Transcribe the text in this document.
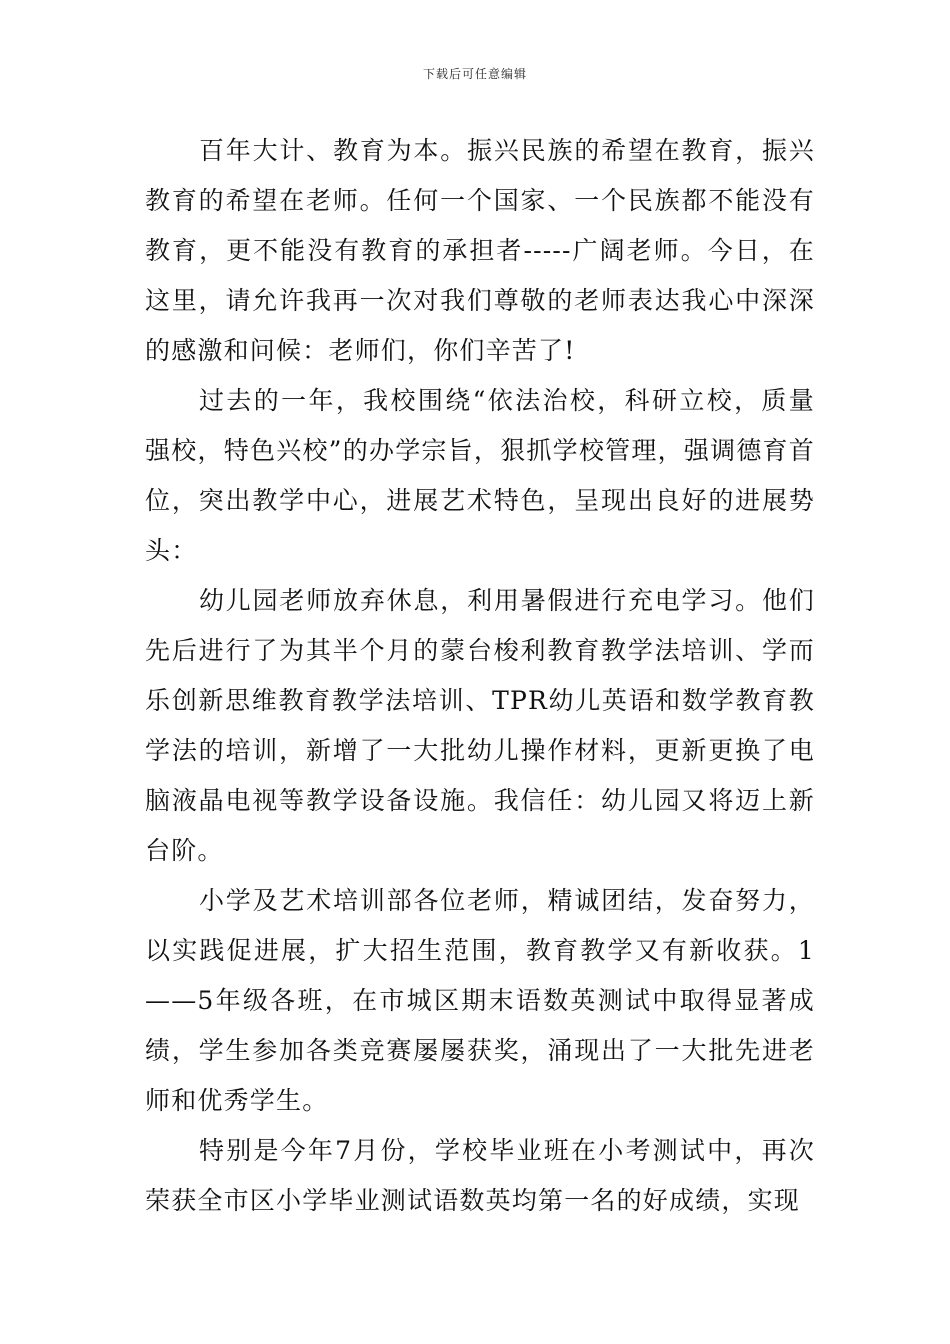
下载后可任意编辑

百年大计、教育为本。振兴民族的希望在教育，振兴教育的希望在老师。任何一个国家、一个民族都不能没有教育，更不能没有教育的承担者-----广阔老师。今日，在这里，请允许我再一次对我们尊敬的老师表达我心中深深的感激和问候：老师们，你们辛苦了!

过去的一年，我校围绕“依法治校，科研立校，质量强校，特色兴校”的办学宗旨，狠抓学校管理，强调德育首位，突出教学中心，进展艺术特色，呈现出良好的进展势头：

幼儿园老师放弃休息，利用暑假进行充电学习。他们先后进行了为其半个月的蒙台梭利教育教学法培训、学而乐创新思维教育教学法培训、TPR幼儿英语和数学教育教学法的培训，新增了一大批幼儿操作材料，更新更换了电脑液晶电视等教学设备设施。我信任：幼儿园又将迈上新台阶。

小学及艺术培训部各位老师，精诚团结，发奋努力，以实践促进展，扩大招生范围，教育教学又有新收获。1——5年级各班，在市城区期末语数英测试中取得显著成绩，学生参加各类竞赛屡屡获奖，涌现出了一大批先进老师和优秀学生。

特别是今年7月份，学校毕业班在小考测试中，再次荣获全市区小学毕业测试语数英均第一名的好成绩，实现
